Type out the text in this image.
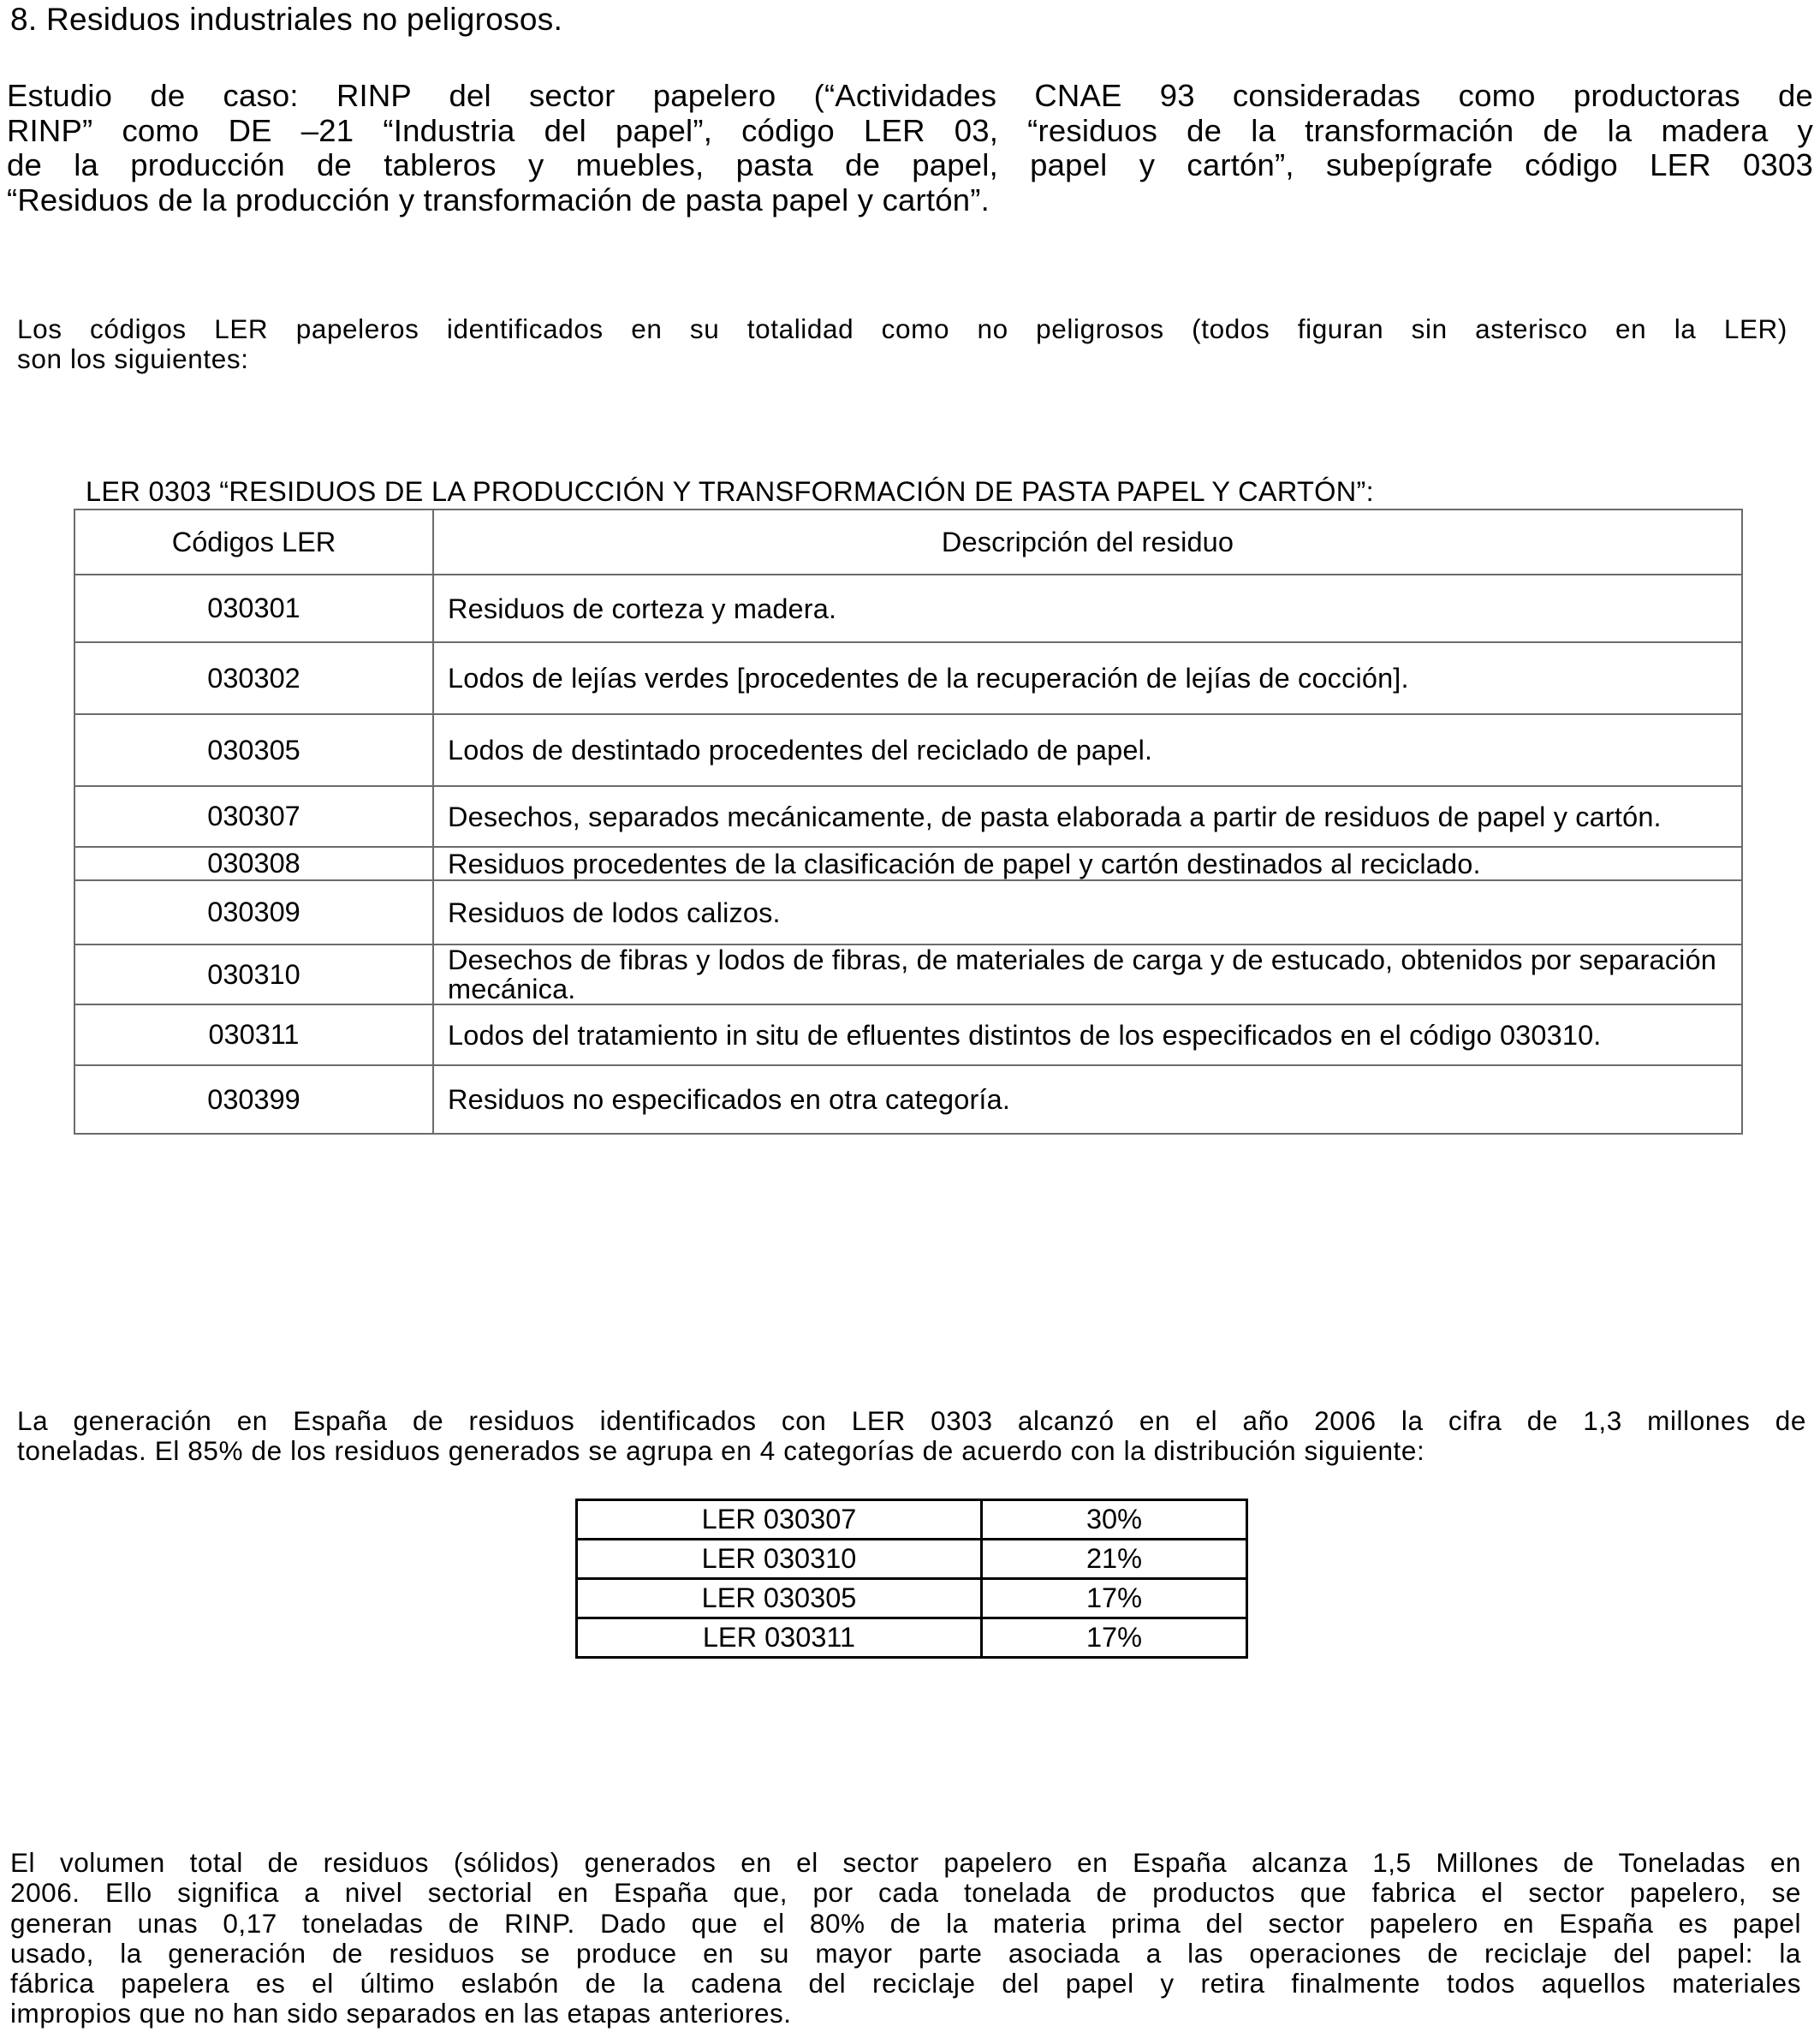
8. Residuos industriales no peligrosos.
Estudio de caso: RINP del sector papelero (“Actividades CNAE 93 consideradas como productoras de
RINP” como DE –21 “Industria del papel”, código LER 03, “residuos de la transformación de la madera y
de la producción de tableros y muebles, pasta de papel, papel y cartón”, subepígrafe código LER 0303
“Residuos de la producción y transformación de pasta papel y cartón”.
Los códigos LER papeleros identificados en su totalidad como no peligrosos (todos figuran sin asterisco en la LER)
son los siguientes:
LER 0303 “RESIDUOS DE LA PRODUCCIÓN Y TRANSFORMACIÓN DE PASTA PAPEL Y CARTÓN”:
Códigos LER	Descripción del residuo
030301	Residuos de corteza y madera.
030302	Lodos de lejías verdes [procedentes de la recuperación de lejías de cocción].
030305	Lodos de destintado procedentes del reciclado de papel.
030307	Desechos, separados mecánicamente, de pasta elaborada a partir de residuos de papel y cartón.
030308	Residuos procedentes de la clasificación de papel y cartón destinados al reciclado.
030309	Residuos de lodos calizos.
030310	Desechos de fibras y lodos de fibras, de materiales de carga y de estucado, obtenidos por separación mecánica.
030311	Lodos del tratamiento in situ de efluentes distintos de los especificados en el código 030310.
030399	Residuos no especificados en otra categoría.
La generación en España de residuos identificados con LER 0303 alcanzó en el año 2006 la cifra de 1,3 millones de
toneladas. El 85% de los residuos generados se agrupa en 4 categorías de acuerdo con la distribución siguiente:
LER 030307	30%
LER 030310	21%
LER 030305	17%
LER 030311	17%
El volumen total de residuos (sólidos) generados en el sector papelero en España alcanza 1,5 Millones de Toneladas en
2006. Ello significa a nivel sectorial en España que, por cada tonelada de productos que fabrica el sector papelero, se
generan unas 0,17 toneladas de RINP. Dado que el 80% de la materia prima del sector papelero en España es papel
usado, la generación de residuos se produce en su mayor parte asociada a las operaciones de reciclaje del papel: la
fábrica papelera es el último eslabón de la cadena del reciclaje del papel y retira finalmente todos aquellos materiales
impropios que no han sido separados en las etapas anteriores.
